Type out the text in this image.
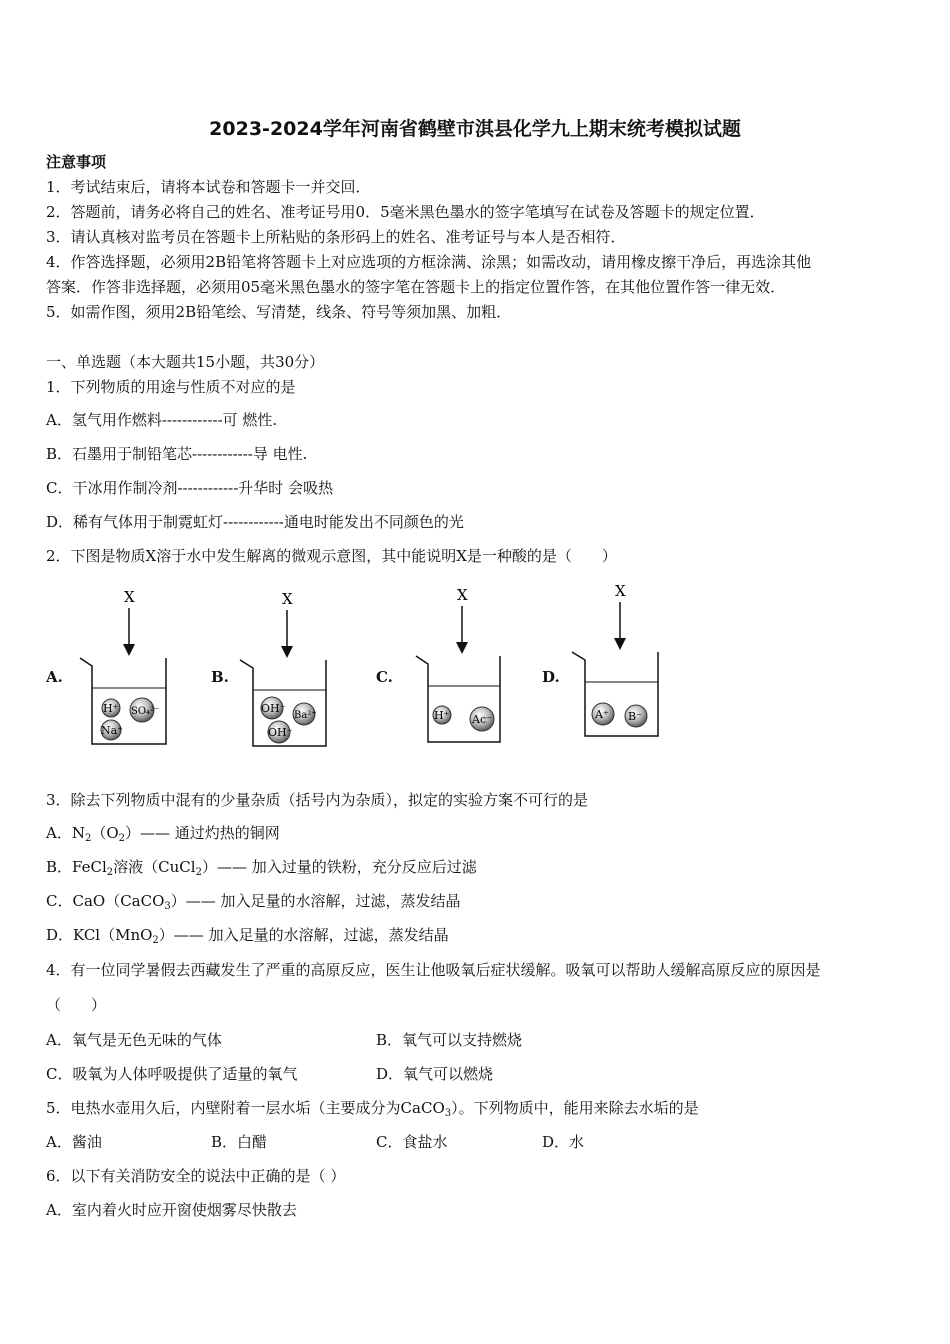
2023-2024学年河南省鹤壁市淇县化学九上期末统考模拟试题
注意事项
1．考试结束后，请将本试卷和答题卡一并交回．
2．答题前，请务必将自己的姓名、准考证号用0．5毫米黑色墨水的签字笔填写在试卷及答题卡的规定位置．
3．请认真核对监考员在答题卡上所粘贴的条形码上的姓名、准考证号与本人是否相符．
4．作答选择题，必须用2B铅笔将答题卡上对应选项的方框涂满、涂黑；如需改动，请用橡皮擦干净后，再选涂其他
答案．作答非选择题，必须用05毫米黑色墨水的签字笔在答题卡上的指定位置作答，在其他位置作答一律无效．
5．如需作图，须用2B铅笔绘、写清楚，线条、符号等须加黑、加粗．
一、单选题（本大题共15小题，共30分）
1．下列物质的用途与性质不对应的是
A．氢气用作燃料------------可 燃性.
B．石墨用于制铅笔芯------------导 电性.
C．干冰用作制冷剂------------升华时 会吸热
D．稀有气体用于制霓虹灯------------通电时能发出不同颜色的光
2．下图是物质X溶于水中发生解离的微观示意图，其中能说明X是一种酸的是（　　）
A.	B.	C.	D.
X
H⁺ SO₄²⁻
Na⁺
X
OH⁻
Ba²⁺
OH⁻
X
H⁺ Ac⁻
X
A⁺ B⁻
3．除去下列物质中混有的少量杂质（括号内为杂质），拟定的实验方案不可行的是
A．$N_2(O_2)——$ 通过灼热的铜网
B．FeCl$_2$溶液（CuCl$_2$）—— 加入过量的铁粉，充分反应后过滤
C．CaO（CaCO$_3$）—— 加入足量的水溶解，过滤，蒸发结晶
D．KCl（MnO$_2$）—— 加入足量的水溶解，过滤，蒸发结晶
4．有一位同学暑假去西藏发生了严重的高原反应，医生让他吸氧后症状缓解。吸氧可以帮助人缓解高原反应的原因是
（　　）
A．氧气是无色无味的气体	B．氧气可以支持燃烧
C．吸氧为人体呼吸提供了适量的氧气	D．氧气可以燃烧
5．电热水壶用久后，内壁附着一层水垢（主要成分为CaCO$_3$）。下列物质中，能用来除去水垢的是
A．酱油	B．白醋	C．食盐水	D．水
6．以下有关消防安全的说法中正确的是（ ）
A．室内着火时应开窗使烟雾尽快散去
